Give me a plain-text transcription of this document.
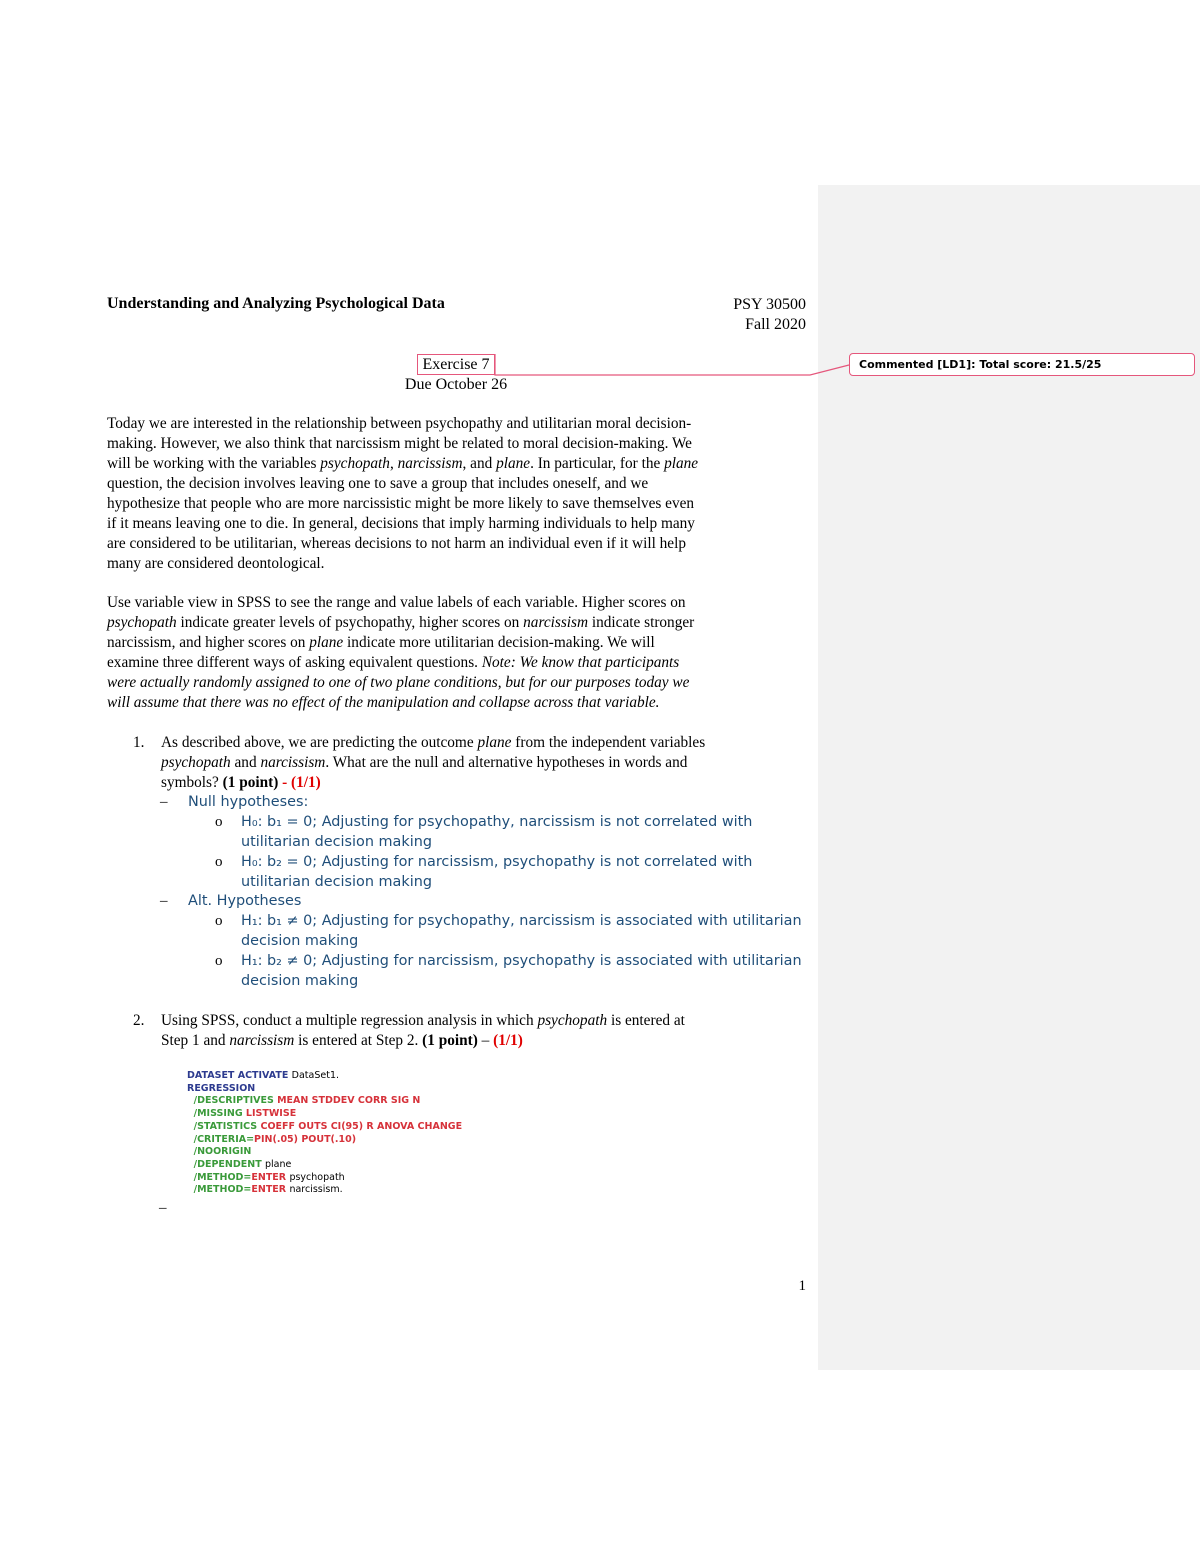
Commented [LD1]: Total score: 21.5/25
Understanding and Analyzing Psychological Data	PSY 30500
Fall 2020
Exercise 7
Due October 26
Today we are interested in the relationship between psychopathy and utilitarian moral decision-
making. However, we also think that narcissism might be related to moral decision-making. We
will be working with the variables psychopath, narcissism, and plane. In particular, for the plane
question, the decision involves leaving one to save a group that includes oneself, and we
hypothesize that people who are more narcissistic might be more likely to save themselves even
if it means leaving one to die. In general, decisions that imply harming individuals to help many
are considered to be utilitarian, whereas decisions to not harm an individual even if it will help
many are considered deontological.
Use variable view in SPSS to see the range and value labels of each variable. Higher scores on
psychopath indicate greater levels of psychopathy, higher scores on narcissism indicate stronger
narcissism, and higher scores on plane indicate more utilitarian decision-making. We will
examine three different ways of asking equivalent questions. Note: We know that participants
were actually randomly assigned to one of two plane conditions, but for our purposes today we
will assume that there was no effect of the manipulation and collapse across that variable.
1. As described above, we are predicting the outcome plane from the independent variables
psychopath and narcissism. What are the null and alternative hypotheses in words and
symbols? (1 point) - (1/1)
– Null hypotheses:
o H₀: b₁ = 0; Adjusting for psychopathy, narcissism is not correlated with
utilitarian decision making
o H₀: b₂ = 0; Adjusting for narcissism, psychopathy is not correlated with
utilitarian decision making
– Alt. Hypotheses
o H₁: b₁ ≠ 0; Adjusting for psychopathy, narcissism is associated with utilitarian
decision making
o H₁: b₂ ≠ 0; Adjusting for narcissism, psychopathy is associated with utilitarian
decision making
2. Using SPSS, conduct a multiple regression analysis in which psychopath is entered at
Step 1 and narcissism is entered at Step 2. (1 point) – (1/1)
DATASET ACTIVATE DataSet1.
REGRESSION
/DESCRIPTIVES MEAN STDDEV CORR SIG N
/MISSING LISTWISE
/STATISTICS COEFF OUTS CI(95) R ANOVA CHANGE
/CRITERIA=PIN(.05) POUT(.10)
/NOORIGIN
/DEPENDENT plane
/METHOD=ENTER psychopath
/METHOD=ENTER narcissism.
–
1
